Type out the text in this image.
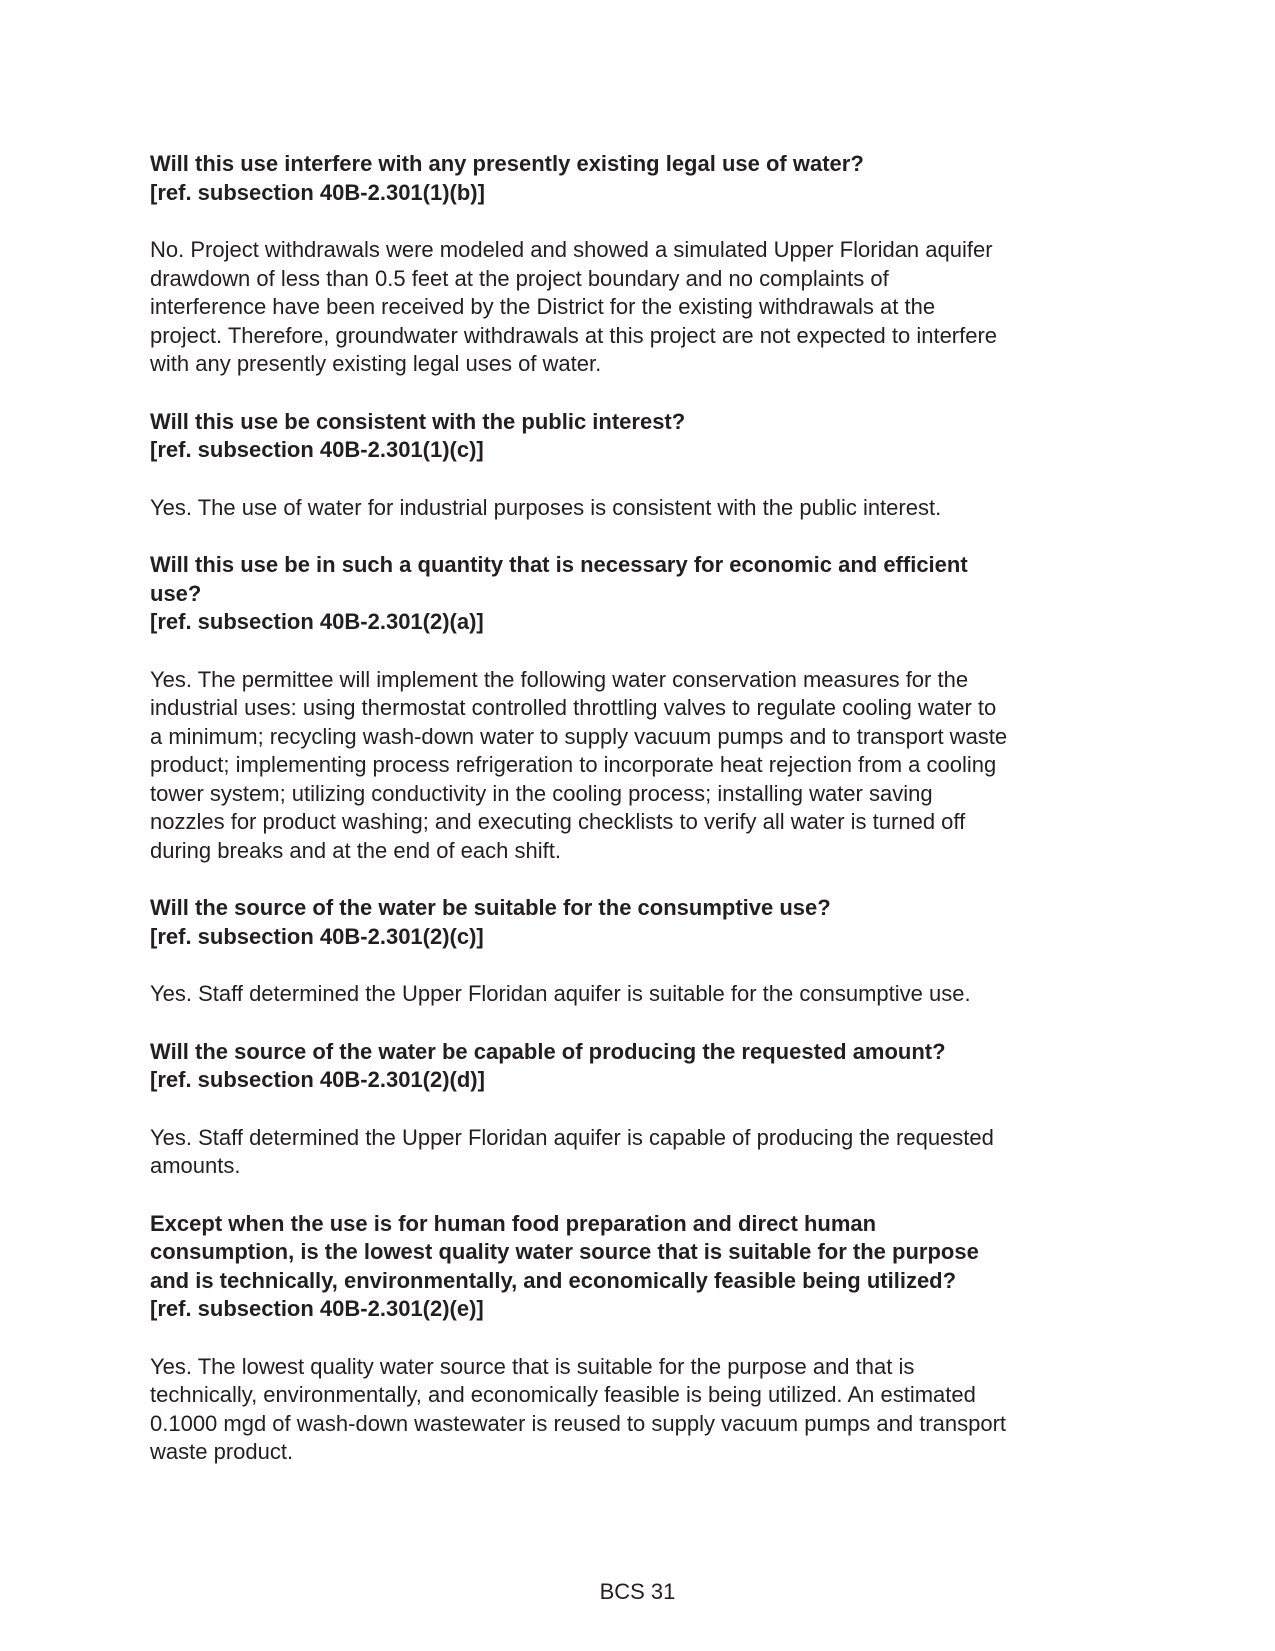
Will this use interfere with any presently existing legal use of water?
[ref. subsection 40B-2.301(1)(b)]

No. Project withdrawals were modeled and showed a simulated Upper Floridan aquifer
drawdown of less than 0.5 feet at the project boundary and no complaints of
interference have been received by the District for the existing withdrawals at the
project. Therefore, groundwater withdrawals at this project are not expected to interfere
with any presently existing legal uses of water.

Will this use be consistent with the public interest?
[ref. subsection 40B-2.301(1)(c)]

Yes. The use of water for industrial purposes is consistent with the public interest.

Will this use be in such a quantity that is necessary for economic and efficient
use?
[ref. subsection 40B-2.301(2)(a)]

Yes. The permittee will implement the following water conservation measures for the
industrial uses: using thermostat controlled throttling valves to regulate cooling water to
a minimum; recycling wash-down water to supply vacuum pumps and to transport waste
product; implementing process refrigeration to incorporate heat rejection from a cooling
tower system; utilizing conductivity in the cooling process; installing water saving
nozzles for product washing; and executing checklists to verify all water is turned off
during breaks and at the end of each shift.

Will the source of the water be suitable for the consumptive use?
[ref. subsection 40B-2.301(2)(c)]

Yes. Staff determined the Upper Floridan aquifer is suitable for the consumptive use.

Will the source of the water be capable of producing the requested amount?
[ref. subsection 40B-2.301(2)(d)]

Yes. Staff determined the Upper Floridan aquifer is capable of producing the requested
amounts.

Except when the use is for human food preparation and direct human
consumption, is the lowest quality water source that is suitable for the purpose
and is technically, environmentally, and economically feasible being utilized?
[ref. subsection 40B-2.301(2)(e)]

Yes. The lowest quality water source that is suitable for the purpose and that is
technically, environmentally, and economically feasible is being utilized. An estimated
0.1000 mgd of wash-down wastewater is reused to supply vacuum pumps and transport
waste product.

BCS 31
